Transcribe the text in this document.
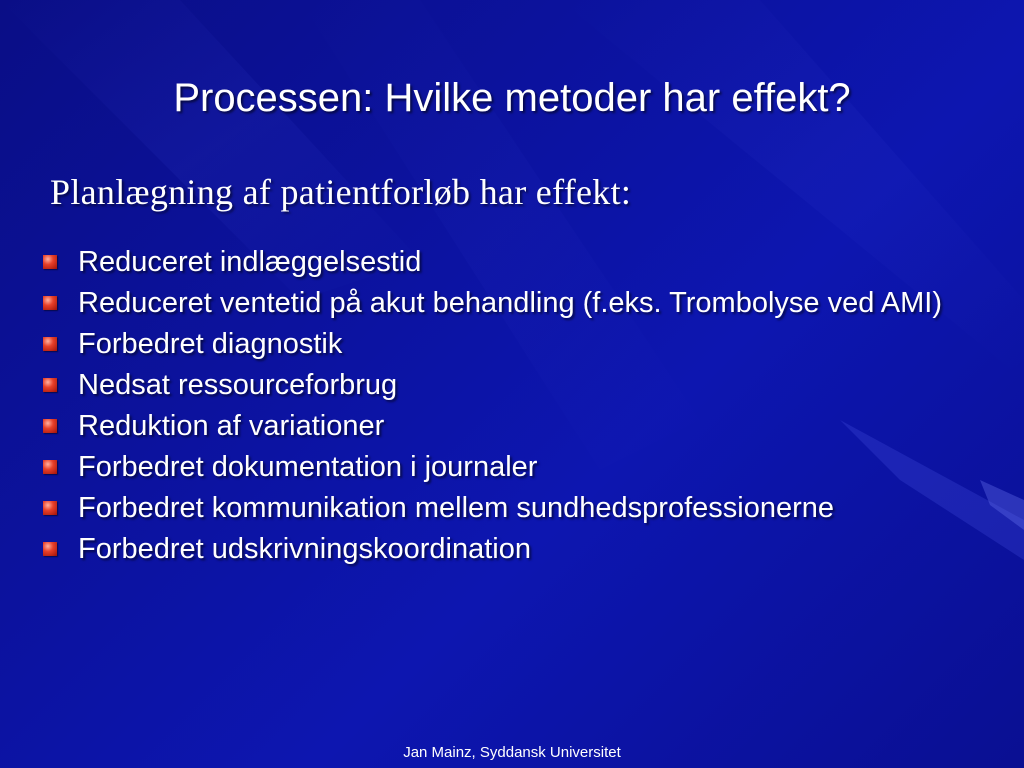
Processen: Hvilke metoder har effekt?
Planlægning af patientforløb har effekt:
Reduceret indlæggelsestid
Reduceret ventetid på akut behandling (f.eks. Trombolyse ved AMI)
Forbedret diagnostik
Nedsat ressourceforbrug
Reduktion af variationer
Forbedret dokumentation i journaler
Forbedret kommunikation mellem sundhedsprofessionerne
Forbedret udskrivningskoordination
Jan Mainz, Syddansk Universitet
